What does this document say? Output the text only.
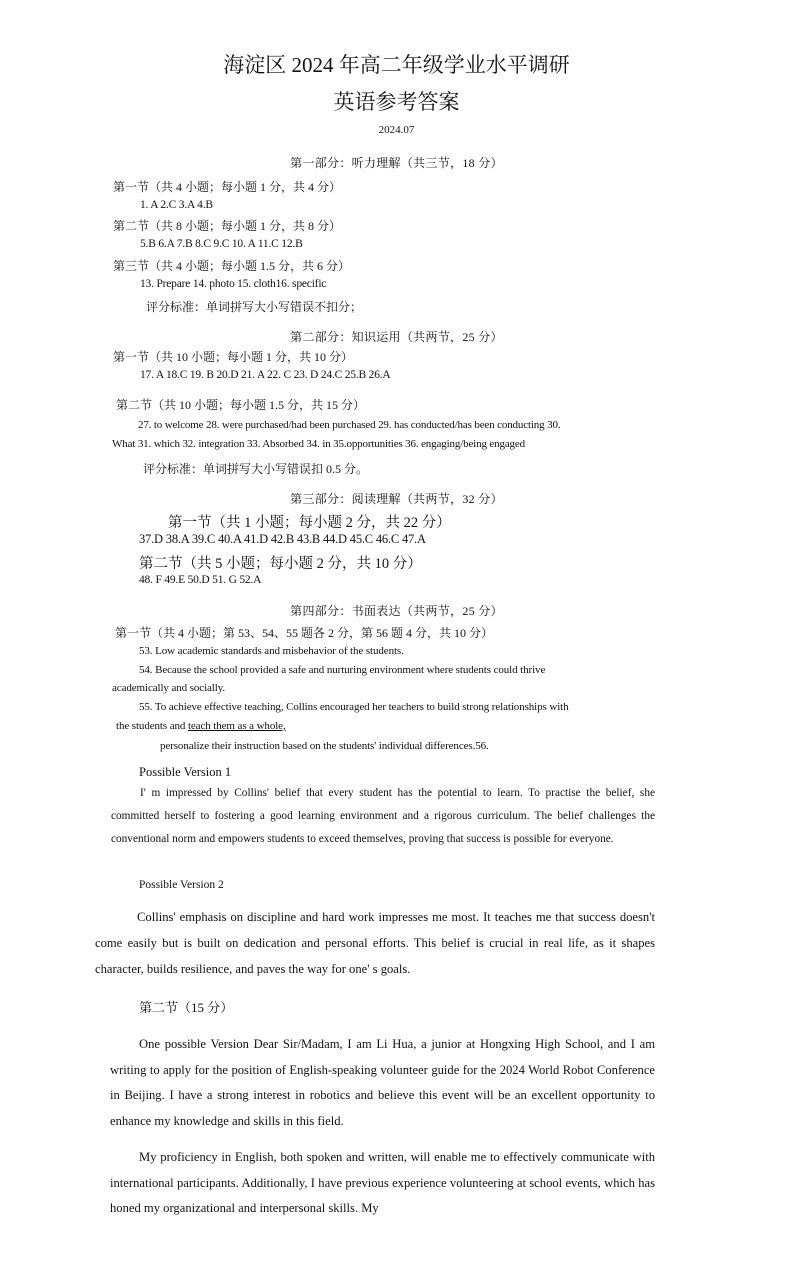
海淀区 2024 年高二年级学业水平调研
英语参考答案
2024.07
第一部分：听力理解（共三节，18 分）
第一节（共 4 小题；每小题 1 分，共 4 分）
1. A 2.C 3.A 4.B
第二节（共 8 小题；每小题 1 分，共 8 分）
5.B 6.A 7.B 8.C 9.C 10. A 11.C 12.B
第三节（共 4 小题；每小题 1.5 分，共 6 分）
13. Prepare 14. photo 15. cloth16. specific
评分标准：单词拼写大小写错误不扣分；
第二部分：知识运用（共两节，25 分）
第一节（共 10 小题；每小题 1 分，共 10 分）
17. A 18.C 19. B 20.D 21. A 22. C 23. D 24.C 25.B 26.A
第二节（共 10 小题；每小题 1.5 分，共 15 分）
27. to welcome 28. were purchased/had been purchased 29. has conducted/has been conducting 30.
What 31. which 32. integration 33. Absorbed 34. in 35.opportunities 36. engaging/being engaged
评分标准：单词拼写大小写错误扣 0.5 分。
第三部分：阅读理解（共两节，32 分）
第一节（共 1 小题；每小题 2 分，共 22 分）
37.D 38.A 39.C 40.A 41.D 42.B 43.B 44.D 45.C 46.C 47.A
第二节（共 5 小题；每小题 2 分，共 10 分）
48. F 49.E 50.D 51. G 52.A
第四部分：书面表达（共两节，25 分）
第一节（共 4 小题；第 53、54、55 题各 2 分，第 56 题 4 分，共 10 分）
53. Low academic standards and misbehavior of the students.
54. Because the school provided a safe and nurturing environment where students could thrive
academically and socially.
55. To achieve effective teaching, Collins encouraged her teachers to build strong relationships with
the students and teach them as a whole,
personalize their instruction based on the students' individual differences.56.
Possible Version 1
I' m impressed by Collins' belief that every student has the potential to learn. To practise the belief, she committed herself to fostering a good learning environment and a rigorous curriculum. The belief challenges the conventional norm and empowers students to exceed themselves, proving that success is possible for everyone.
Possible Version 2
Collins' emphasis on discipline and hard work impresses me most. It teaches me that success doesn't come easily but is built on dedication and personal efforts. This belief is crucial in real life, as it shapes character, builds resilience, and paves the way for one' s goals.
第二节（15 分）
One possible Version Dear Sir/Madam, I am Li Hua, a junior at Hongxing High School, and I am writing to apply for the position of English-speaking volunteer guide for the 2024 World Robot Conference in Beijing. I have a strong interest in robotics and believe this event will be an excellent opportunity to enhance my knowledge and skills in this field.
My proficiency in English, both spoken and written, will enable me to effectively communicate with international participants. Additionally, I have previous experience volunteering at school events, which has honed my organizational and interpersonal skills. My
